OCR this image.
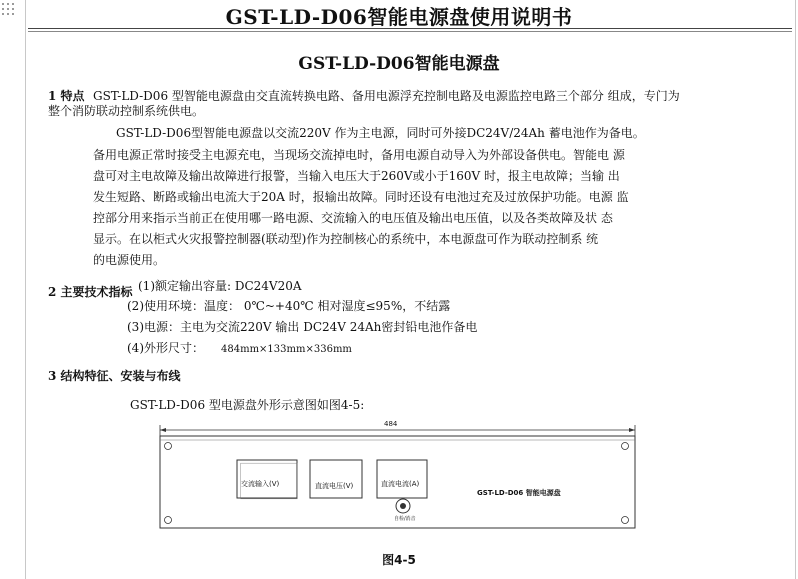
GST-LD-D06智能电源盘使用说明书
GST-LD-D06智能电源盘
1 特点 GST-LD-D06 型智能电源盘由交直流转换电路、备用电源浮充控制电路及电源监控电路三个部分 组成，专门为
整个消防联动控制系统供电。
GST-LD-D06型智能电源盘以交流220V 作为主电源，同时可外接DC24V/24Ah 蓄电池作为备电。
备用电源正常时接受主电源充电，当现场交流掉电时，备用电源自动导入为外部设备供电。智能电 源
盘可对主电故障及输出故障进行报警，当输入电压大于260V或小于160V 时，报主电故障；当输 出
发生短路、断路或输出电流大于20A 时，报输出故障。同时还设有电池过充及过放保护功能。电源 监
控部分用来指示当前正在使用哪一路电源、交流输入的电压值及输出电压值，以及各类故障及状 态
显示。在以柜式火灾报警控制器(联动型)作为控制核心的系统中，本电源盘可作为联动控制系 统
的电源使用。
2 主要技术指标 (1)额定输出容量: DC24V20A
(2)使用环境：温度： 0℃~+40℃ 相对湿度≤95%，不结露
(3)电源：主电为交流220V 输出 DC24V 24Ah密封铅电池作备电
(4)外形尺寸： 484mm×133mm×336mm
3 结构特征、安装与布线
GST-LD-D06 型电源盘外形示意图如图4-5:
484
交流输入(V)	直流电压(V)	直流电流(A)
自检/消音
GST-LD-D06 智能电源盘
图4-5
